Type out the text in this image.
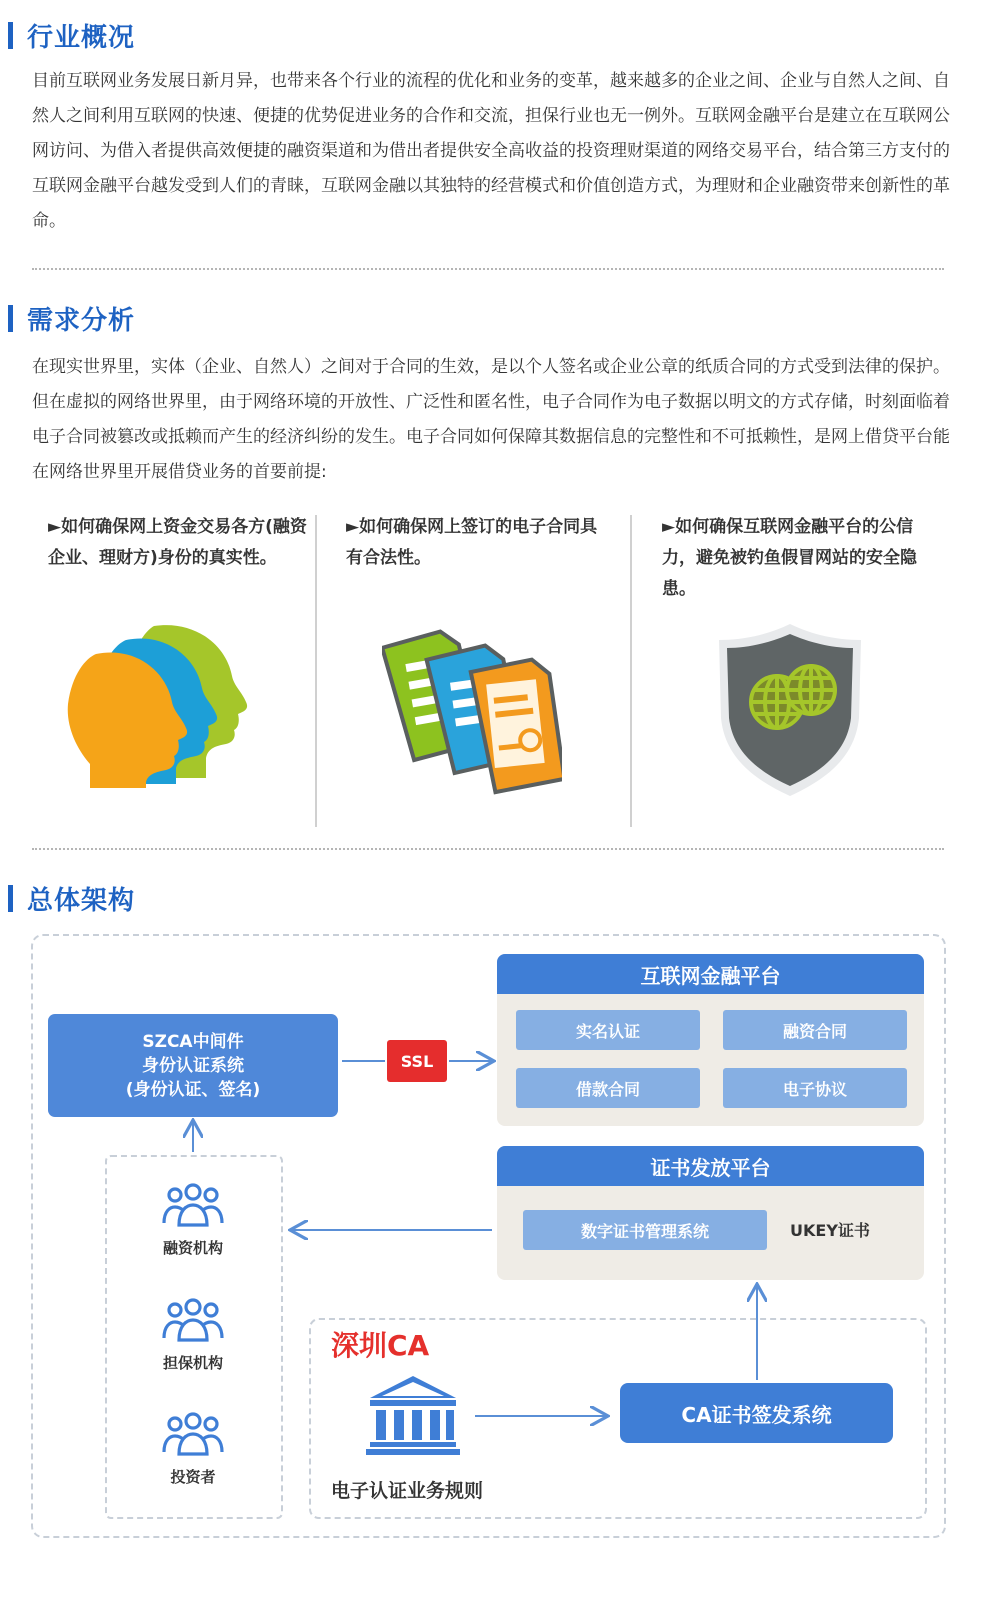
行业概况

目前互联网业务发展日新月异，也带来各个行业的流程的优化和业务的变革，越来越多的企业之间、企业与自然人之间、自然人之间利用互联网的快速、便捷的优势促进业务的合作和交流，担保行业也无一例外。互联网金融平台是建立在互联网公网访问、为借入者提供高效便捷的融资渠道和为借出者提供安全高收益的投资理财渠道的网络交易平台，结合第三方支付的互联网金融平台越发受到人们的青睐，互联网金融以其独特的经营模式和价值创造方式，为理财和企业融资带来创新性的革命。

需求分析

在现实世界里，实体（企业、自然人）之间对于合同的生效，是以个人签名或企业公章的纸质合同的方式受到法律的保护。但在虚拟的网络世界里，由于网络环境的开放性、广泛性和匿名性，电子合同作为电子数据以明文的方式存储，时刻面临着电子合同被篡改或抵赖而产生的经济纠纷的发生。电子合同如何保障其数据信息的完整性和不可抵赖性，是网上借贷平台能在网络世界里开展借贷业务的首要前提:

►如何确保网上资金交易各方(融资企业、理财方)身份的真实性。
►如何确保网上签订的电子合同具有合法性。
►如何确保互联网金融平台的公信力，避免被钓鱼假冒网站的安全隐患。
总体架构
SZCA中间件
身份认证系统
(身份认证、签名)
SSL
互联网金融平台
实名认证	融资合同
借款合同	电子协议
证书发放平台
数字证书管理系统	UKEY证书
融资机构
担保机构
投资者
深圳CA
CA证书签发系统
电子认证业务规则
